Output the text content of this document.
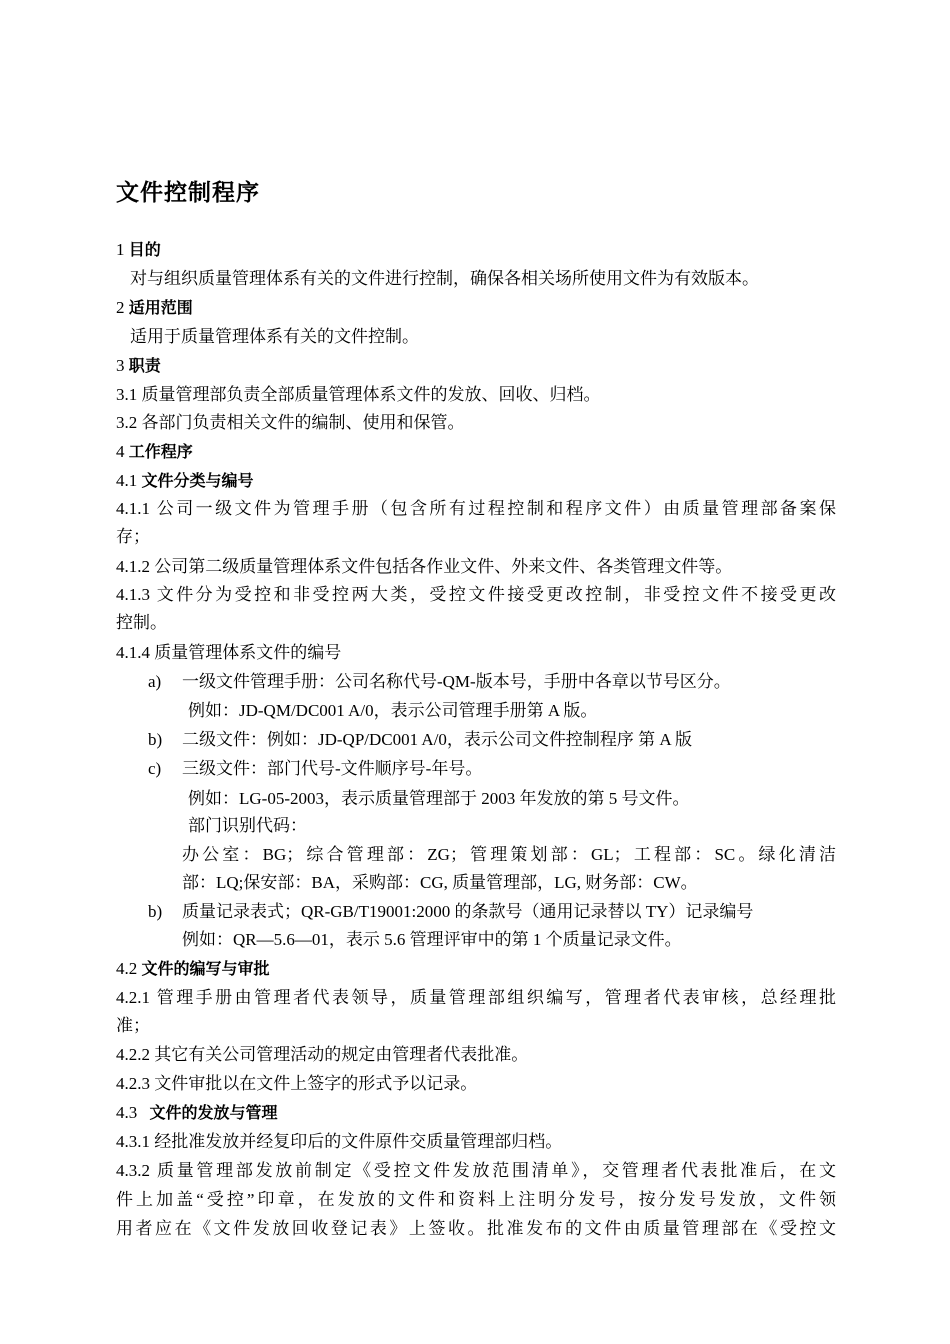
文件控制程序
1 目的
对与组织质量管理体系有关的文件进行控制，确保各相关场所使用文件为有效版本。
2 适用范围
适用于质量管理体系有关的文件控制。
3 职责
3.1 质量管理部负责全部质量管理体系文件的发放、回收、归档。
3.2 各部门负责相关文件的编制、使用和保管。
4 工作程序
4.1 文件分类与编号
4.1.1 公司一级文件为管理手册（包含所有过程控制和程序文件）由质量管理部备案保
存；
4.1.2 公司第二级质量管理体系文件包括各作业文件、外来文件、各类管理文件等。
4.1.3 文件分为受控和非受控两大类，受控文件接受更改控制，非受控文件不接受更改
控制。
4.1.4 质量管理体系文件的编号
a) 一级文件管理手册：公司名称代号-QM-版本号，手册中各章以节号区分。
例如：JD-QM/DC001 A/0，表示公司管理手册第 A 版。
b) 二级文件：例如：JD-QP/DC001 A/0，表示公司文件控制程序 第 A 版
c) 三级文件：部门代号-文件顺序号-年号。
例如：LG-05-2003，表示质量管理部于 2003 年发放的第 5 号文件。
部门识别代码：
办公室：BG；综合管理部：ZG；管理策划部：GL；工程部：SC。绿化清洁
部：LQ;保安部：BA，采购部：CG, 质量管理部，LG, 财务部：CW。
b) 质量记录表式；QR-GB/T19001:2000 的条款号（通用记录替以 TY）记录编号
例如：QR—5.6—01，表示 5.6 管理评审中的第 1 个质量记录文件。
4.2 文件的编写与审批
4.2.1 管理手册由管理者代表领导，质量管理部组织编写，管理者代表审核，总经理批
准；
4.2.2 其它有关公司管理活动的规定由管理者代表批准。
4.2.3 文件审批以在文件上签字的形式予以记录。
4.3 文件的发放与管理
4.3.1 经批准发放并经复印后的文件原件交质量管理部归档。
4.3.2 质量管理部发放前制定《受控文件发放范围清单》，交管理者代表批准后，在文
件上加盖“受控”印章，在发放的文件和资料上注明分发号，按分发号发放，文件领
用者应在《文件发放回收登记表》上签收。批准发布的文件由质量管理部在《受控文
